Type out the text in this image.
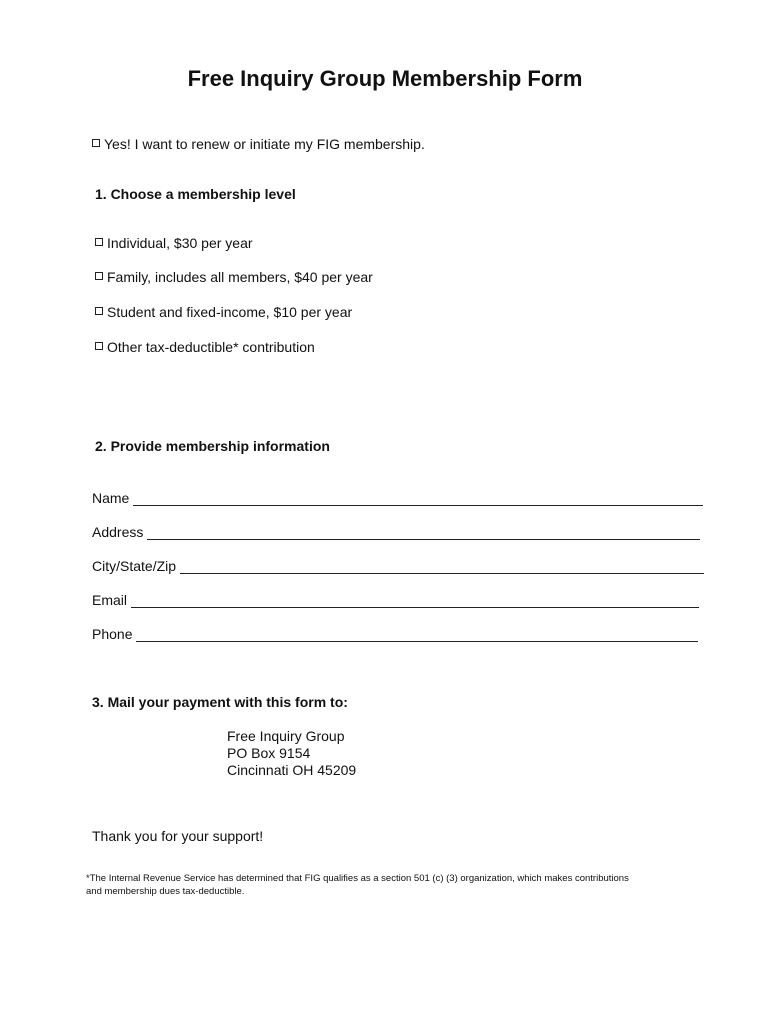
Free Inquiry Group Membership Form
Yes! I want to renew or initiate my FIG membership.
1. Choose a membership level
Individual, $30 per year
Family, includes all members, $40 per year
Student and fixed-income, $10 per year
Other tax-deductible* contribution
2. Provide membership information
Name
Address
City/State/Zip
Email
Phone
3. Mail your payment with this form to:
Free Inquiry Group
PO Box 9154
Cincinnati OH 45209
Thank you for your support!
*The Internal Revenue Service has determined that FIG qualifies as a section 501 (c) (3) organization, which makes contributions and membership dues tax-deductible.
